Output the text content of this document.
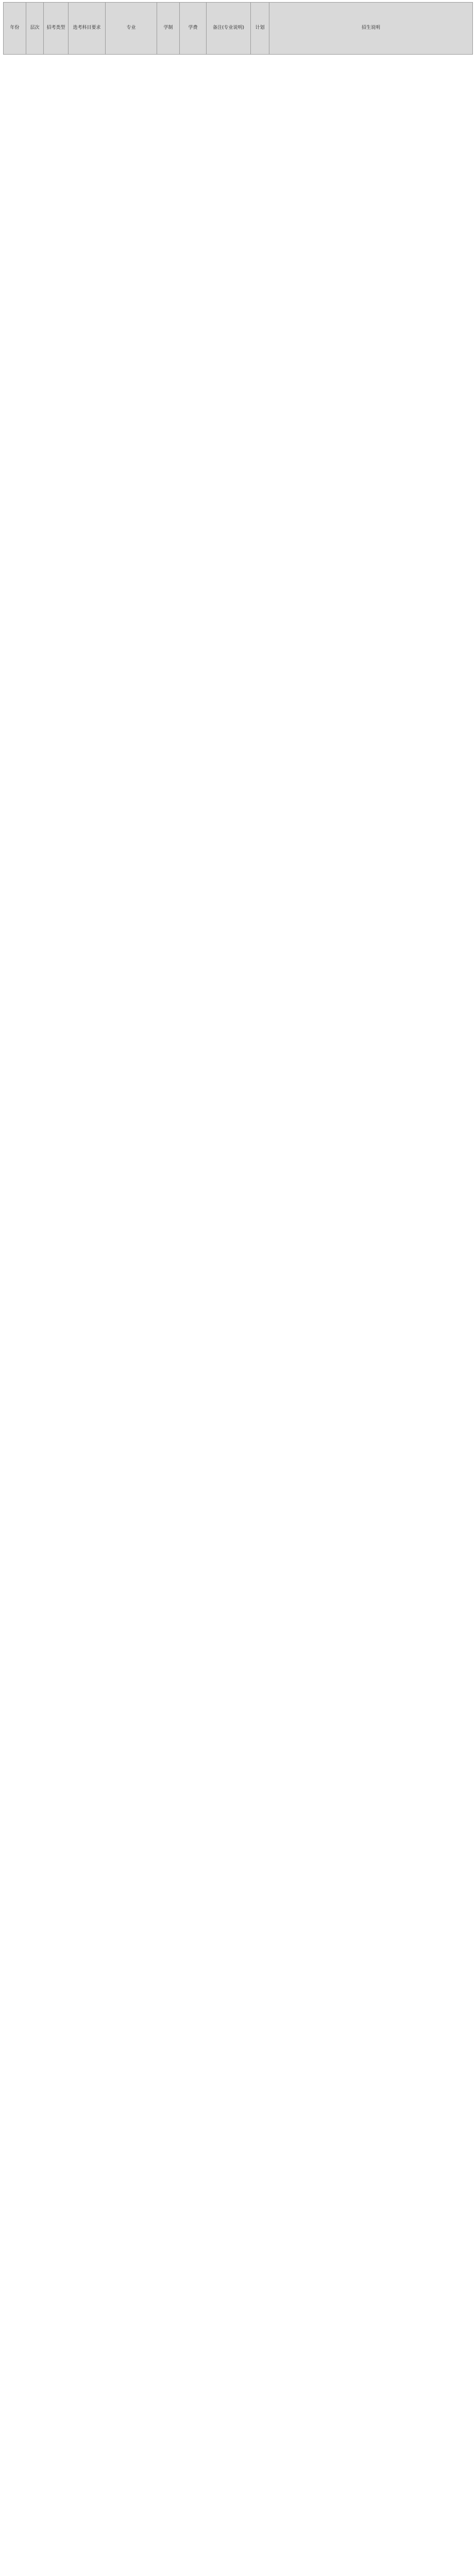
年份	层次	招考类型	选考科目要求	专业	学制	学费	备注(专业说明)	计划	招生说明
